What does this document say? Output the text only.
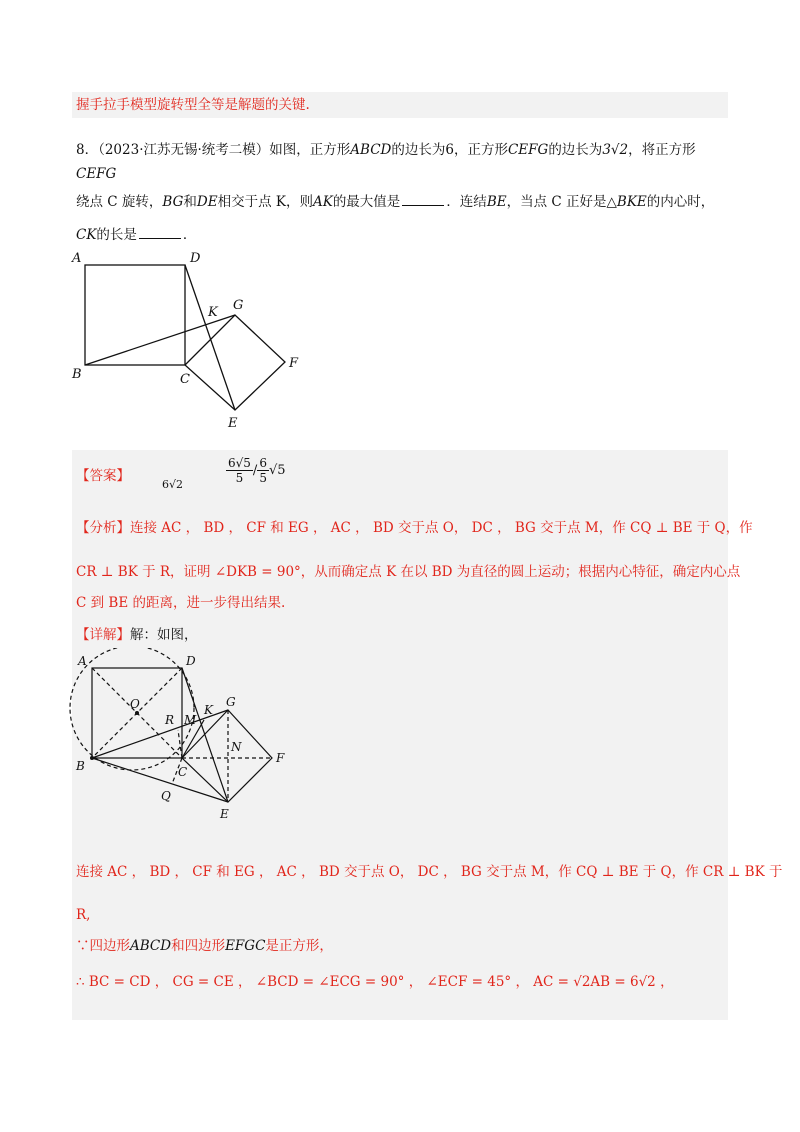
握手拉手模型旋转型全等是解题的关键.
8．（2023·江苏无锡·统考二模）如图，正方形ABCD的边长为6，正方形CEFG的边长为3√2，将正方形
CEFG
绕点 C 旋转，BG和DE相交于点 K，则AK的最大值是	．连结BE，当点 C 正好是△BKE的内心时，
CK的长是	．
A	D
G
K
F
B	C
E
【答案】
6√2	$\frac{6√5}{5} / \frac{6}{5} √5$
【分析】连接 AC ， BD ， CF 和 EG ， AC ， BD 交于点 O， DC ， BG 交于点 M，作 CQ ⊥ BE 于 Q，作
CR ⊥ BK 于 R，证明 ∠DKB = 90°，从而确定点 K 在以 BD 为直径的圆上运动；根据内心特征，确定内心点
C 到 BE 的距离，进一步得出结果.
【详解】解：如图，
A	D
O	G
K
R M
N
B	C
F
Q
E
连接 AC ， BD ， CF 和 EG ， AC ， BD 交于点 O， DC ， BG 交于点 M，作 CQ ⊥ BE 于 Q，作 CR ⊥ BK 于
R,
∵四边形ABCD和四边形EFGC是正方形，
∴ BC = CD ， CG = CE ， ∠BCD = ∠ECG = 90° ， ∠ECF = 45° ， AC = √2AB = 6√2 ，
